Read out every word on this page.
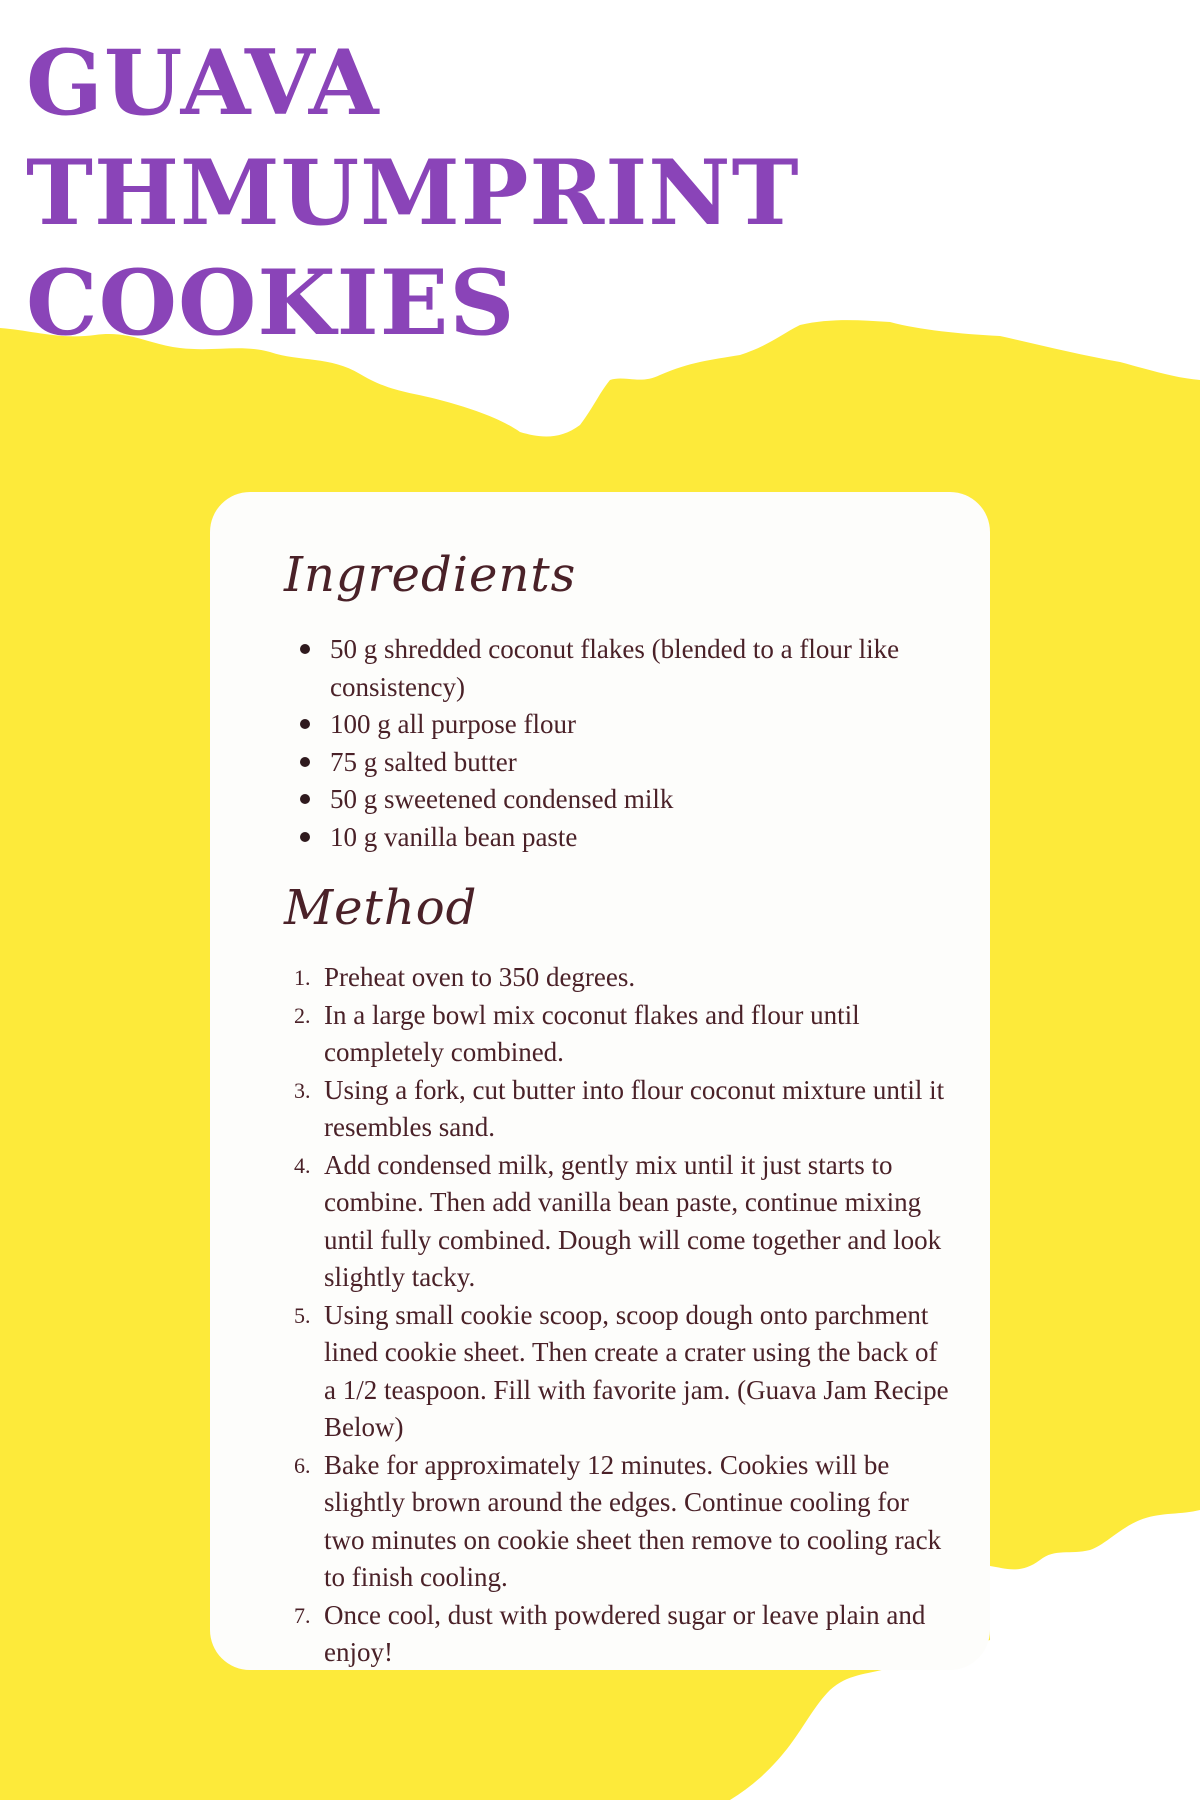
GUAVA THMUMPRINT
COOKIES
Ingredients
50 g shredded coconut flakes (blended to a flour like consistency)
100 g all purpose flour
75 g salted butter
50 g sweetened condensed milk
10 g vanilla bean paste
Method
1. Preheat oven to 350 degrees.
2. In a large bowl mix coconut flakes and flour until completely combined.
3. Using a fork, cut butter into flour coconut mixture until it resembles sand.
4. Add condensed milk, gently mix until it just starts to combine. Then add vanilla bean paste, continue mixing until fully combined. Dough will come together and look slightly tacky.
5. Using small cookie scoop, scoop dough onto parchment lined cookie sheet. Then create a crater using the back of a 1/2 teaspoon. Fill with favorite jam. (Guava Jam Recipe Below)
6. Bake for approximately 12 minutes. Cookies will be slightly brown around the edges. Continue cooling for two minutes on cookie sheet then remove to cooling rack to finish cooling.
7. Once cool, dust with powdered sugar or leave plain and enjoy!
